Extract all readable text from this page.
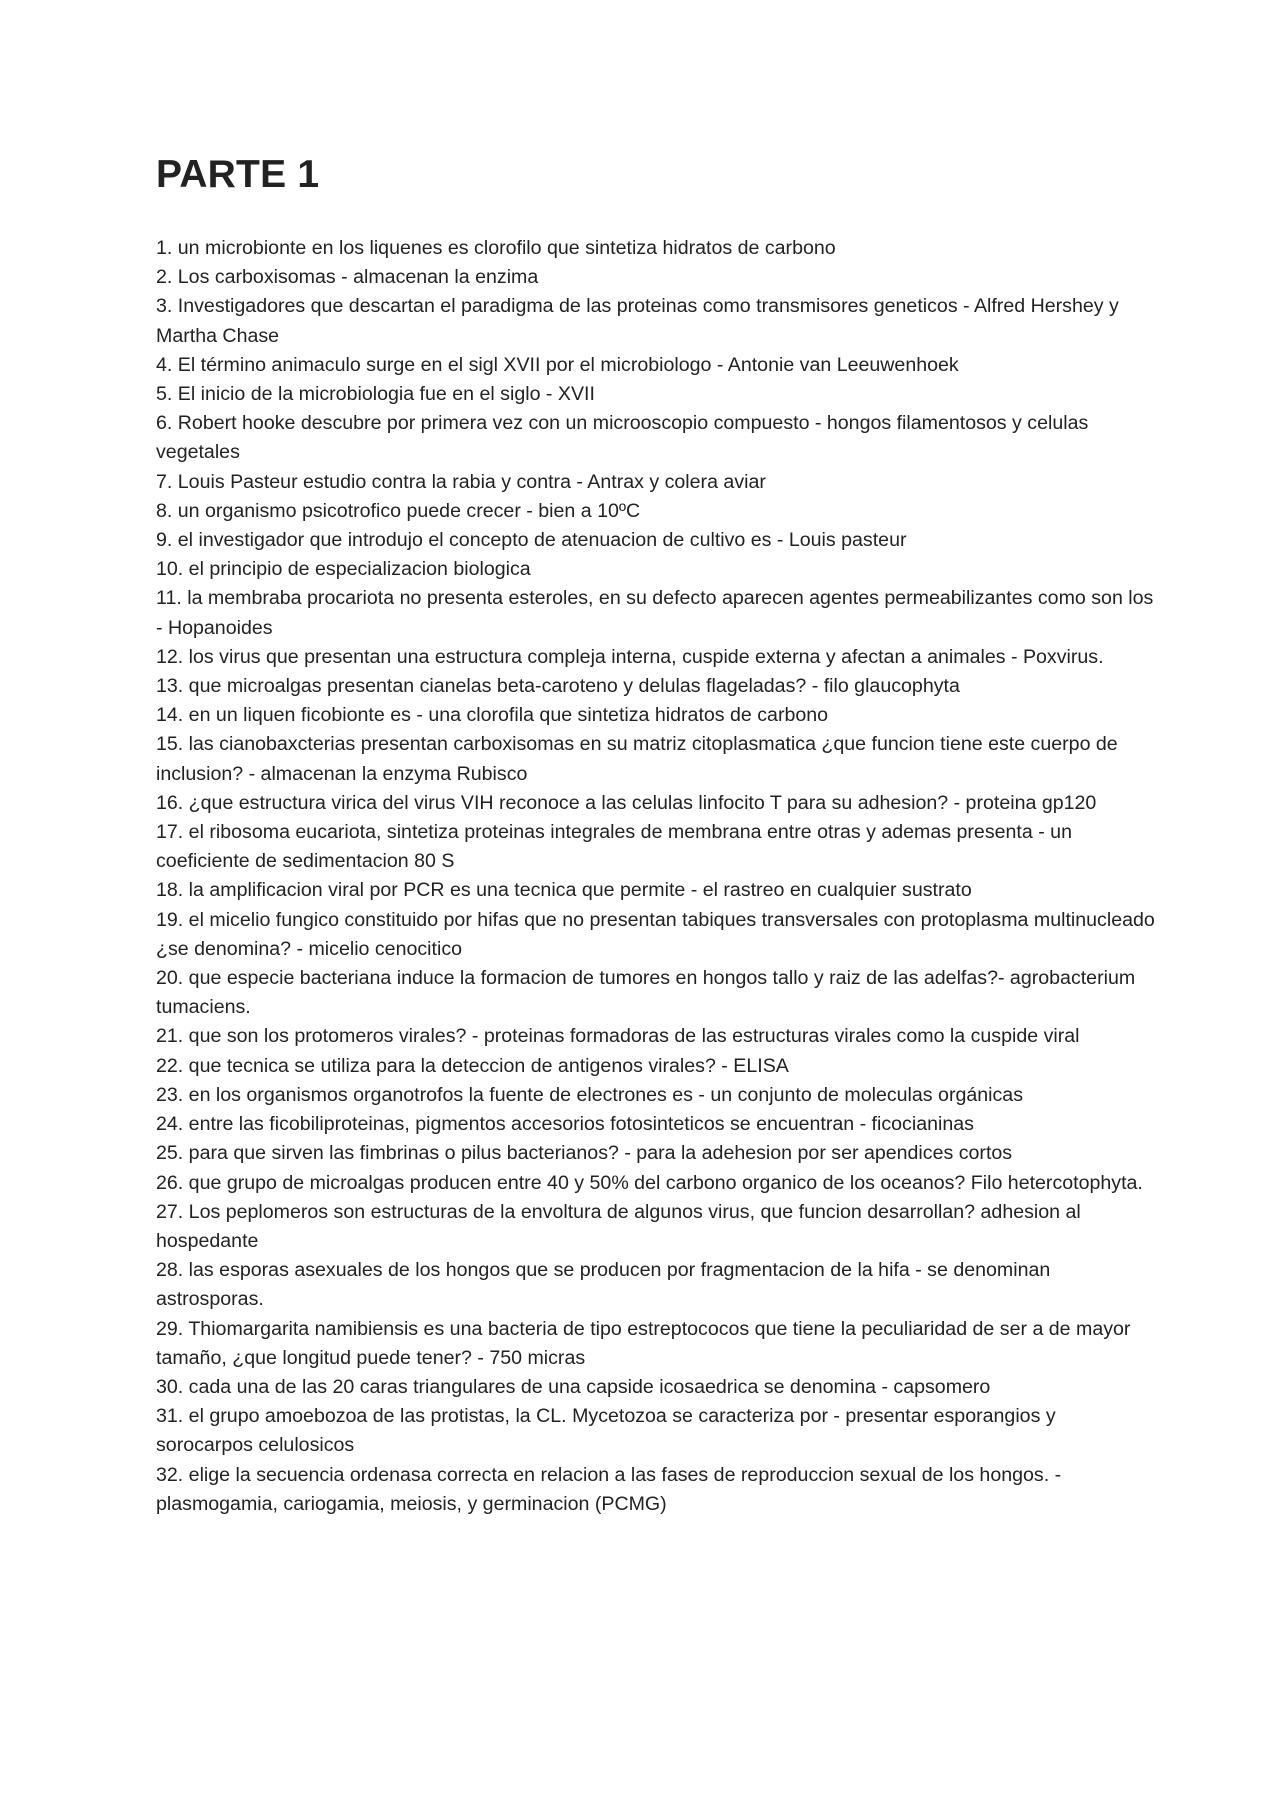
PARTE 1
1. un microbionte en los liquenes es clorofilo que sintetiza hidratos de carbono
2. Los carboxisomas - almacenan la enzima
3. Investigadores que descartan el paradigma de las proteinas como transmisores geneticos - Alfred Hershey y Martha Chase
4. El término animaculo surge en el sigl XVII por el microbiologo - Antonie van Leeuwenhoek
5. El inicio de la microbiologia fue en el siglo - XVII
6. Robert hooke descubre por primera vez con un microoscopio compuesto - hongos filamentosos y celulas vegetales
7. Louis Pasteur estudio contra la rabia y contra - Antrax y colera aviar
8. un organismo psicotrofico puede crecer - bien a 10ºC
9. el investigador que introdujo el concepto de atenuacion de cultivo es - Louis pasteur
10. el principio de especializacion biologica
11. la membraba procariota no presenta esteroles, en su defecto aparecen agentes permeabilizantes como son los - Hopanoides
12. los virus que presentan una estructura compleja interna, cuspide externa y afectan a animales - Poxvirus.
13. que microalgas presentan cianelas beta-caroteno y delulas flageladas? - filo glaucophyta
14. en un liquen ficobionte es - una clorofila que sintetiza hidratos de carbono
15. las cianobaxcterias presentan carboxisomas en su matriz citoplasmatica ¿que funcion tiene este cuerpo de inclusion? - almacenan la enzyma Rubisco
16. ¿que estructura virica del virus VIH reconoce a las celulas linfocito T para su adhesion? - proteina gp120
17. el ribosoma eucariota, sintetiza proteinas integrales de membrana entre otras y ademas presenta - un coeficiente de sedimentacion 80 S
18. la amplificacion viral por PCR es una tecnica que permite - el rastreo en cualquier sustrato
19. el micelio fungico constituido por hifas que no presentan tabiques transversales con protoplasma multinucleado ¿se denomina? - micelio cenocitico
20. que especie bacteriana induce la formacion de tumores en hongos tallo y raiz de las adelfas?- agrobacterium tumaciens.
21. que son los protomeros virales? - proteinas formadoras de las estructuras virales como la cuspide viral
22. que tecnica se utiliza para la deteccion de antigenos virales? - ELISA
23. en los organismos organotrofos la fuente de electrones es - un conjunto de moleculas orgánicas
24. entre las ficobiliproteinas, pigmentos accesorios fotosinteticos se encuentran - ficocianinas
25. para que sirven las fimbrinas o pilus bacterianos? - para la adehesion por ser apendices cortos
26. que grupo de microalgas producen entre 40 y 50% del carbono organico de los oceanos? Filo hetercotophyta.
27. Los peplomeros son estructuras de la envoltura de algunos virus, que funcion desarrollan? adhesion al hospedante
28. las esporas asexuales de los hongos que se producen por fragmentacion de la hifa - se denominan astrosporas.
29. Thiomargarita namibiensis es una bacteria de tipo estreptococos que tiene la peculiaridad de ser a de mayor tamaño, ¿que longitud puede tener? - 750 micras
30. cada una de las 20 caras triangulares de una capside icosaedrica se denomina - capsomero
31. el grupo amoebozoa de las protistas, la CL. Mycetozoa se caracteriza por - presentar esporangios y sorocarpos celulosicos
32. elige la secuencia ordenasa correcta en relacion a las fases de reproduccion sexual de los hongos. - plasmogamia, cariogamia, meiosis, y germinacion (PCMG)
